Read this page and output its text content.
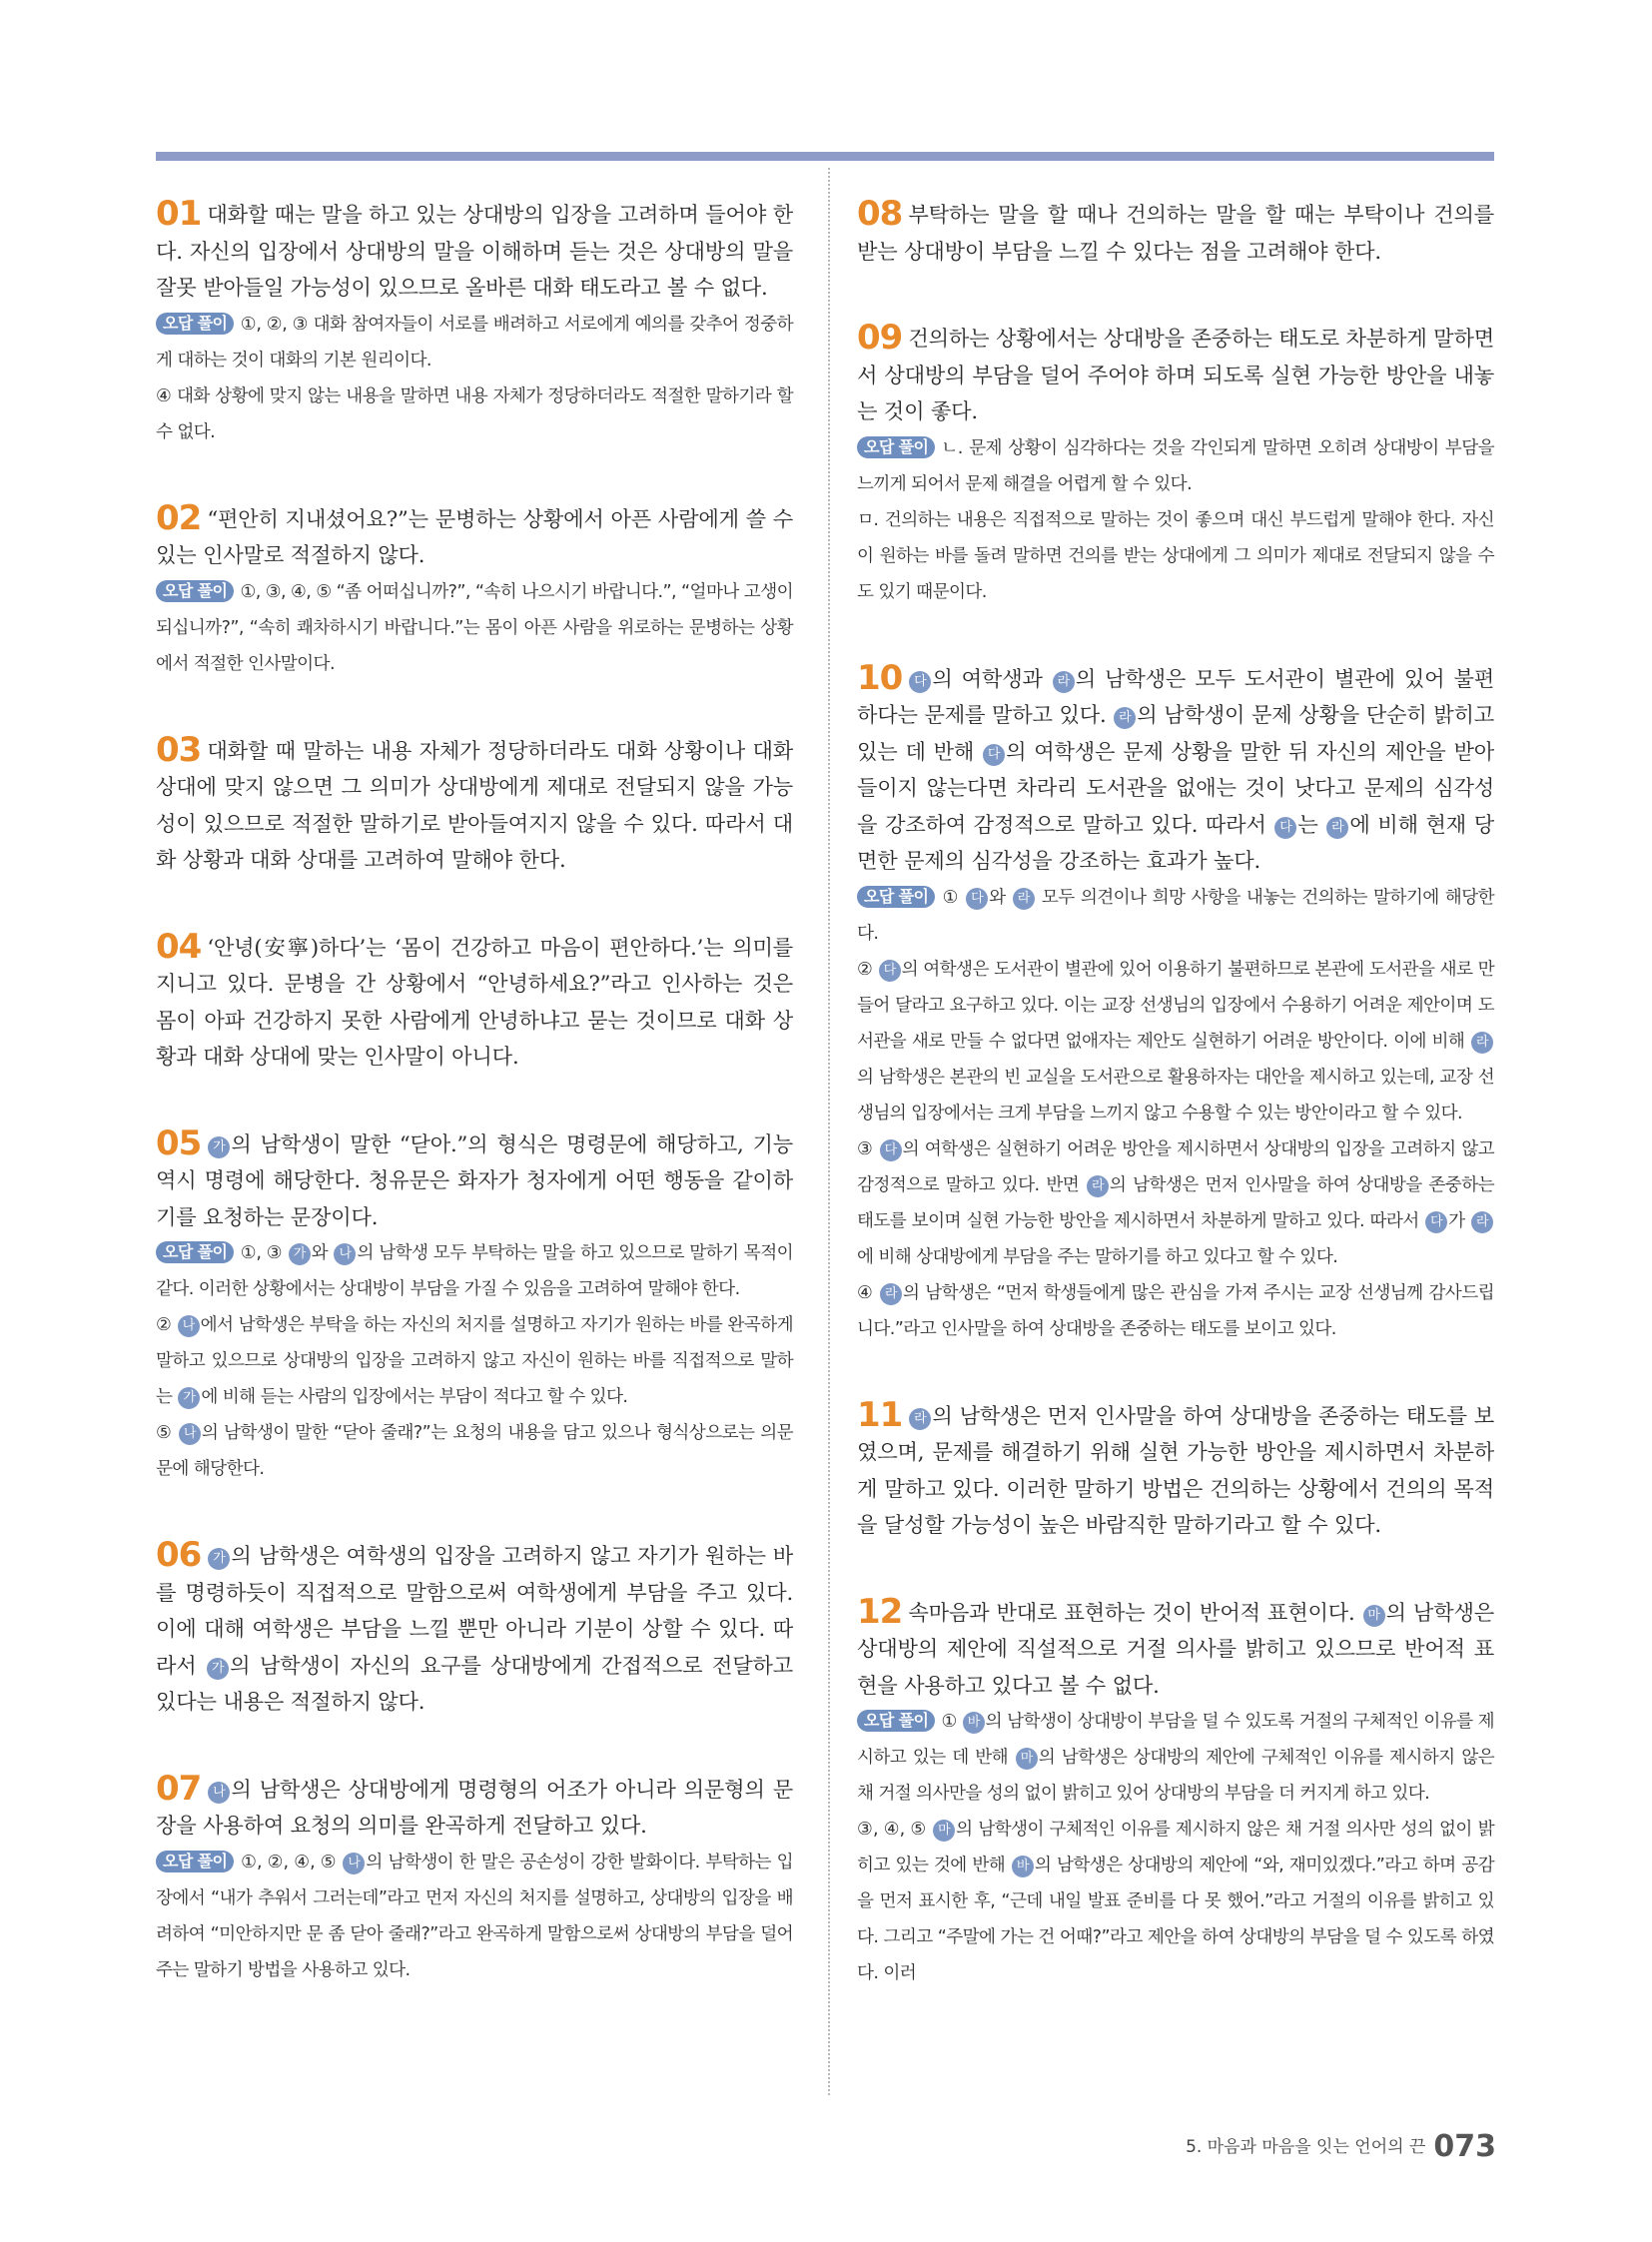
01 대화할 때는 말을 하고 있는 상대방의 입장을 고려하며 들어야 한다. 자신의 입장에서 상대방의 말을 이해하며 듣는 것은 상대방의 말을 잘못 받아들일 가능성이 있으므로 올바른 대화 태도라고 볼 수 없다.

오답 풀이 ①, ②, ③ 대화 참여자들이 서로를 배려하고 서로에게 예의를 갖추어 정중하게 대하는 것이 대화의 기본 원리이다.

④ 대화 상황에 맞지 않는 내용을 말하면 내용 자체가 정당하더라도 적절한 말하기라 할 수 없다.

02 “편안히 지내셨어요?”는 문병하는 상황에서 아픈 사람에게 쓸 수 있는 인사말로 적절하지 않다.

오답 풀이 ①, ③, ④, ⑤ “좀 어떠십니까?”, “속히 나으시기 바랍니다.”, “얼마나 고생이 되십니까?”, “속히 쾌차하시기 바랍니다.”는 몸이 아픈 사람을 위로하는 문병하는 상황에서 적절한 인사말이다.

03 대화할 때 말하는 내용 자체가 정당하더라도 대화 상황이나 대화 상대에 맞지 않으면 그 의미가 상대방에게 제대로 전달되지 않을 가능성이 있으므로 적절한 말하기로 받아들여지지 않을 수 있다. 따라서 대화 상황과 대화 상대를 고려하여 말해야 한다.

04 ‘안녕(安寧)하다’는 ‘몸이 건강하고 마음이 편안하다.’는 의미를 지니고 있다. 문병을 간 상황에서 “안녕하세요?”라고 인사하는 것은 몸이 아파 건강하지 못한 사람에게 안녕하냐고 묻는 것이므로 대화 상황과 대화 상대에 맞는 인사말이 아니다.

05 가 의 남학생이 말한 “닫아.”의 형식은 명령문에 해당하고, 기능 역시 명령에 해당한다. 청유문은 화자가 청자에게 어떤 행동을 같이하기를 요청하는 문장이다.

오답 풀이 ①, ③ 가 와 나 의 남학생 모두 부탁하는 말을 하고 있으므로 말하기 목적이 같다. 이러한 상황에서는 상대방이 부담을 가질 수 있음을 고려하여 말해야 한다.

② 나 에서 남학생은 부탁을 하는 자신의 처지를 설명하고 자기가 원하는 바를 완곡하게 말하고 있으므로 상대방의 입장을 고려하지 않고 자신이 원하는 바를 직접적으로 말하는 가 에 비해 듣는 사람의 입장에서는 부담이 적다고 할 수 있다.

⑤ 나 의 남학생이 말한 “닫아 줄래?”는 요청의 내용을 담고 있으나 형식상으로는 의문문에 해당한다.

06 가 의 남학생은 여학생의 입장을 고려하지 않고 자기가 원하는 바를 명령하듯이 직접적으로 말함으로써 여학생에게 부담을 주고 있다. 이에 대해 여학생은 부담을 느낄 뿐만 아니라 기분이 상할 수 있다. 따라서 가 의 남학생이 자신의 요구를 상대방에게 간접적으로 전달하고 있다는 내용은 적절하지 않다.

07 나 의 남학생은 상대방에게 명령형의 어조가 아니라 의문형의 문장을 사용하여 요청의 의미를 완곡하게 전달하고 있다.

오답 풀이 ①, ②, ④, ⑤ 나 의 남학생이 한 말은 공손성이 강한 발화이다. 부탁하는 입장에서 “내가 추워서 그러는데”라고 먼저 자신의 처지를 설명하고, 상대방의 입장을 배려하여 “미안하지만 문 좀 닫아 줄래?”라고 완곡하게 말함으로써 상대방의 부담을 덜어 주는 말하기 방법을 사용하고 있다.

08 부탁하는 말을 할 때나 건의하는 말을 할 때는 부탁이나 건의를 받는 상대방이 부담을 느낄 수 있다는 점을 고려해야 한다.

09 건의하는 상황에서는 상대방을 존중하는 태도로 차분하게 말하면서 상대방의 부담을 덜어 주어야 하며 되도록 실현 가능한 방안을 내놓는 것이 좋다.

오답 풀이 ㄴ. 문제 상황이 심각하다는 것을 각인되게 말하면 오히려 상대방이 부담을 느끼게 되어서 문제 해결을 어렵게 할 수 있다.

ㅁ. 건의하는 내용은 직접적으로 말하는 것이 좋으며 대신 부드럽게 말해야 한다. 자신이 원하는 바를 돌려 말하면 건의를 받는 상대에게 그 의미가 제대로 전달되지 않을 수도 있기 때문이다.

10 다 의 여학생과 라 의 남학생은 모두 도서관이 별관에 있어 불편하다는 문제를 말하고 있다. 라 의 남학생이 문제 상황을 단순히 밝히고 있는 데 반해 다 의 여학생은 문제 상황을 말한 뒤 자신의 제안을 받아들이지 않는다면 차라리 도서관을 없애는 것이 낫다고 문제의 심각성을 강조하여 감정적으로 말하고 있다. 따라서 다 는 라 에 비해 현재 당면한 문제의 심각성을 강조하는 효과가 높다.

오답 풀이 ① 다 와 라 모두 의견이나 희망 사항을 내놓는 건의하는 말하기에 해당한다.

② 다 의 여학생은 도서관이 별관에 있어 이용하기 불편하므로 본관에 도서관을 새로 만들어 달라고 요구하고 있다. 이는 교장 선생님의 입장에서 수용하기 어려운 제안이며 도서관을 새로 만들 수 없다면 없애자는 제안도 실현하기 어려운 방안이다. 이에 비해 라의 남학생은 본관의 빈 교실을 도서관으로 활용하자는 대안을 제시하고 있는데, 교장 선생님의 입장에서는 크게 부담을 느끼지 않고 수용할 수 있는 방안이라고 할 수 있다.

③ 다 의 여학생은 실현하기 어려운 방안을 제시하면서 상대방의 입장을 고려하지 않고 감정적으로 말하고 있다. 반면 라 의 남학생은 먼저 인사말을 하여 상대방을 존중하는 태도를 보이며 실현 가능한 방안을 제시하면서 차분하게 말하고 있다. 따라서 다 가 라에 비해 상대방에게 부담을 주는 말하기를 하고 있다고 할 수 있다.

④ 라 의 남학생은 “먼저 학생들에게 많은 관심을 가져 주시는 교장 선생님께 감사드립니다.”라고 인사말을 하여 상대방을 존중하는 태도를 보이고 있다.

11 라 의 남학생은 먼저 인사말을 하여 상대방을 존중하는 태도를 보였으며, 문제를 해결하기 위해 실현 가능한 방안을 제시하면서 차분하게 말하고 있다. 이러한 말하기 방법은 건의하는 상황에서 건의의 목적을 달성할 가능성이 높은 바람직한 말하기라고 할 수 있다.

12 속마음과 반대로 표현하는 것이 반어적 표현이다. 마 의 남학생은 상대방의 제안에 직설적으로 거절 의사를 밝히고 있으므로 반어적 표현을 사용하고 있다고 볼 수 없다.

오답 풀이 ① 바 의 남학생이 상대방이 부담을 덜 수 있도록 거절의 구체적인 이유를 제시하고 있는 데 반해 마 의 남학생은 상대방의 제안에 구체적인 이유를 제시하지 않은 채 거절 의사만을 성의 없이 밝히고 있어 상대방의 부담을 더 커지게 하고 있다.

③, ④, ⑤ 마 의 남학생이 구체적인 이유를 제시하지 않은 채 거절 의사만 성의 없이 밝히고 있는 것에 반해 바 의 남학생은 상대방의 제안에 “와, 재미있겠다.”라고 하며 공감을 먼저 표시한 후, “근데 내일 발표 준비를 다 못 했어.”라고 거절의 이유를 밝히고 있다. 그리고 “주말에 가는 건 어때?”라고 제안을 하여 상대방의 부담을 덜 수 있도록 하였다. 이러

5. 마음과 마음을 잇는 언어의 끈 073
